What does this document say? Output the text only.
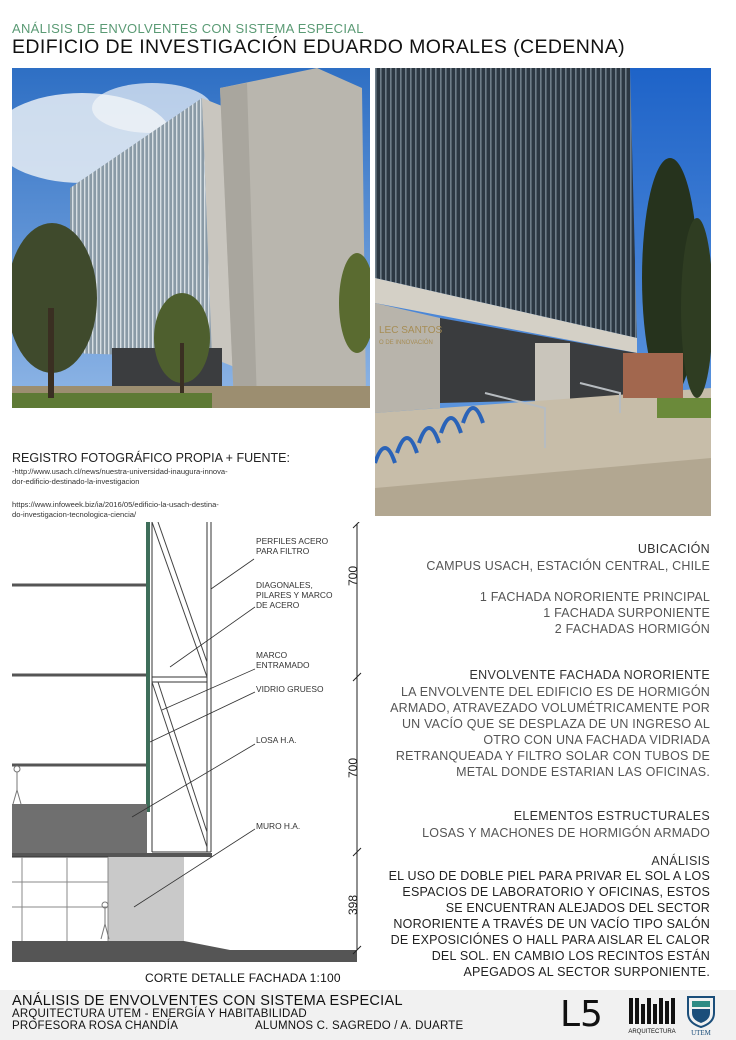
ANÁLISIS DE ENVOLVENTES CON SISTEMA ESPECIAL
EDIFICIO DE INVESTIGACIÓN EDUARDO MORALES (CEDENNA)
LEC SANTOS
O DE INNOVACIÓN
REGISTRO FOTOGRÁFICO PROPIA + FUENTE:
-http://www.usach.cl/news/nuestra-universidad-inaugura-innova-
dor-edificio-destinado-la-investigacion
https://www.infoweek.biz/ia/2016/05/edificio-la-usach-destina-
do-investigacion-tecnologica-ciencia/
PERFILES ACERO
PARA FILTRO
DIAGONALES,
PILARES Y MARCO
DE ACERO
MARCO
ENTRAMADO
VIDRIO GRUESO
LOSA H.A.
MURO H.A.
700
700
398
CORTE DETALLE FACHADA 1:100
UBICACIÓN
CAMPUS USACH, ESTACIÓN CENTRAL, CHILE
1 FACHADA NORORIENTE PRINCIPAL
1 FACHADA SURPONIENTE
2 FACHADAS HORMIGÓN
ENVOLVENTE FACHADA NORORIENTE
LA ENVOLVENTE DEL EDIFICIO ES DE HORMIGÓN
ARMADO, ATRAVEZADO VOLUMÉTRICAMENTE POR
UN VACÍO QUE SE DESPLAZA DE UN INGRESO AL
OTRO CON UNA FACHADA VIDRIADA
RETRANQUEADA Y FILTRO SOLAR CON TUBOS DE
METAL DONDE ESTARIAN LAS OFICINAS.
ELEMENTOS ESTRUCTURALES
LOSAS Y MACHONES DE HORMIGÓN ARMADO
ANÁLISIS
EL USO DE DOBLE PIEL PARA PRIVAR EL SOL A LOS
ESPACIOS DE LABORATORIO Y OFICINAS, ESTOS
SE ENCUENTRAN ALEJADOS DEL SECTOR
NORORIENTE A TRAVÉS DE UN VACÍO TIPO SALÓN
DE EXPOSICIÓNES O HALL PARA AISLAR EL CALOR
DEL SOL. EN CAMBIO LOS RECINTOS ESTÁN
APEGADOS AL SECTOR SURPONIENTE.
ANÁLISIS DE ENVOLVENTES CON SISTEMA ESPECIAL
ARQUITECTURA UTEM - ENERGÍA Y HABITABILIDAD
PROFESORA ROSA CHANDÍA	ALUMNOS C. SAGREDO / A. DUARTE	L5	ARQUITECTURA UTEM
